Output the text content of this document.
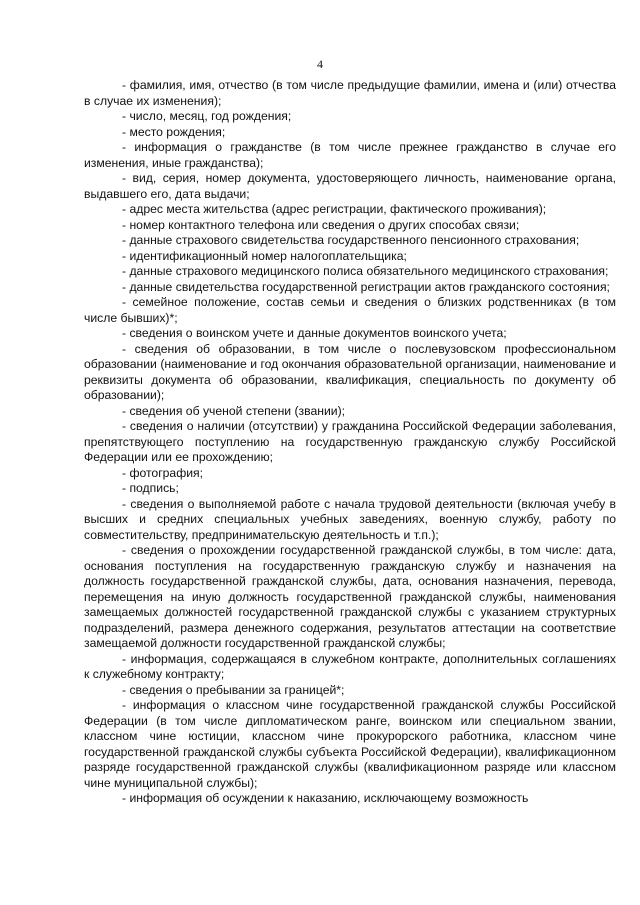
4

- фамилия, имя, отчество (в том числе предыдущие фамилии, имена и (или) отчества в случае их изменения);

- число, месяц, год рождения;

- место рождения;

- информация о гражданстве (в том числе прежнее гражданство в случае его изменения, иные гражданства);

- вид, серия, номер документа, удостоверяющего личность, наименование органа, выдавшего его, дата выдачи;

- адрес места жительства (адрес регистрации, фактического проживания);

- номер контактного телефона или сведения о других способах связи;

- данные страхового свидетельства государственного пенсионного страхования;

- идентификационный номер налогоплательщика;

- данные страхового медицинского полиса обязательного медицинского страхования;

- данные свидетельства государственной регистрации актов гражданского состояния;

- семейное положение, состав семьи и сведения о близких родственниках (в том числе бывших)*;

- сведения о воинском учете и данные документов воинского учета;

- сведения об образовании, в том числе о послевузовском профессиональном образовании (наименование и год окончания образовательной организации, наименование и реквизиты документа об образовании, квалификация, специальность по документу об образовании);

- сведения об ученой степени (звании);

- сведения о наличии (отсутствии) у гражданина Российской Федерации заболевания, препятствующего поступлению на государственную гражданскую службу Российской Федерации или ее прохождению;

- фотография;

- подпись;

- сведения о выполняемой работе с начала трудовой деятельности (включая учебу в высших и средних специальных учебных заведениях, военную службу, работу по совместительству, предпринимательскую деятельность и т.п.);

- сведения о прохождении государственной гражданской службы, в том числе: дата, основания поступления на государственную гражданскую службу и назначения на должность государственной гражданской службы, дата, основания назначения, перевода, перемещения на иную должность государственной гражданской службы, наименования замещаемых должностей государственной гражданской службы с указанием структурных подразделений, размера денежного содержания, результатов аттестации на соответствие замещаемой должности государственной гражданской службы;

- информация, содержащаяся в служебном контракте, дополнительных соглашениях к служебному контракту;

- сведения о пребывании за границей*;

- информация о классном чине государственной гражданской службы Российской Федерации (в том числе дипломатическом ранге, воинском или специальном звании, классном чине юстиции, классном чине прокурорского работника, классном чине государственной гражданской службы субъекта Российской Федерации), квалификационном разряде государственной гражданской службы (квалификационном разряде или классном чине муниципальной службы);

- информация об осуждении к наказанию, исключающему возможность
